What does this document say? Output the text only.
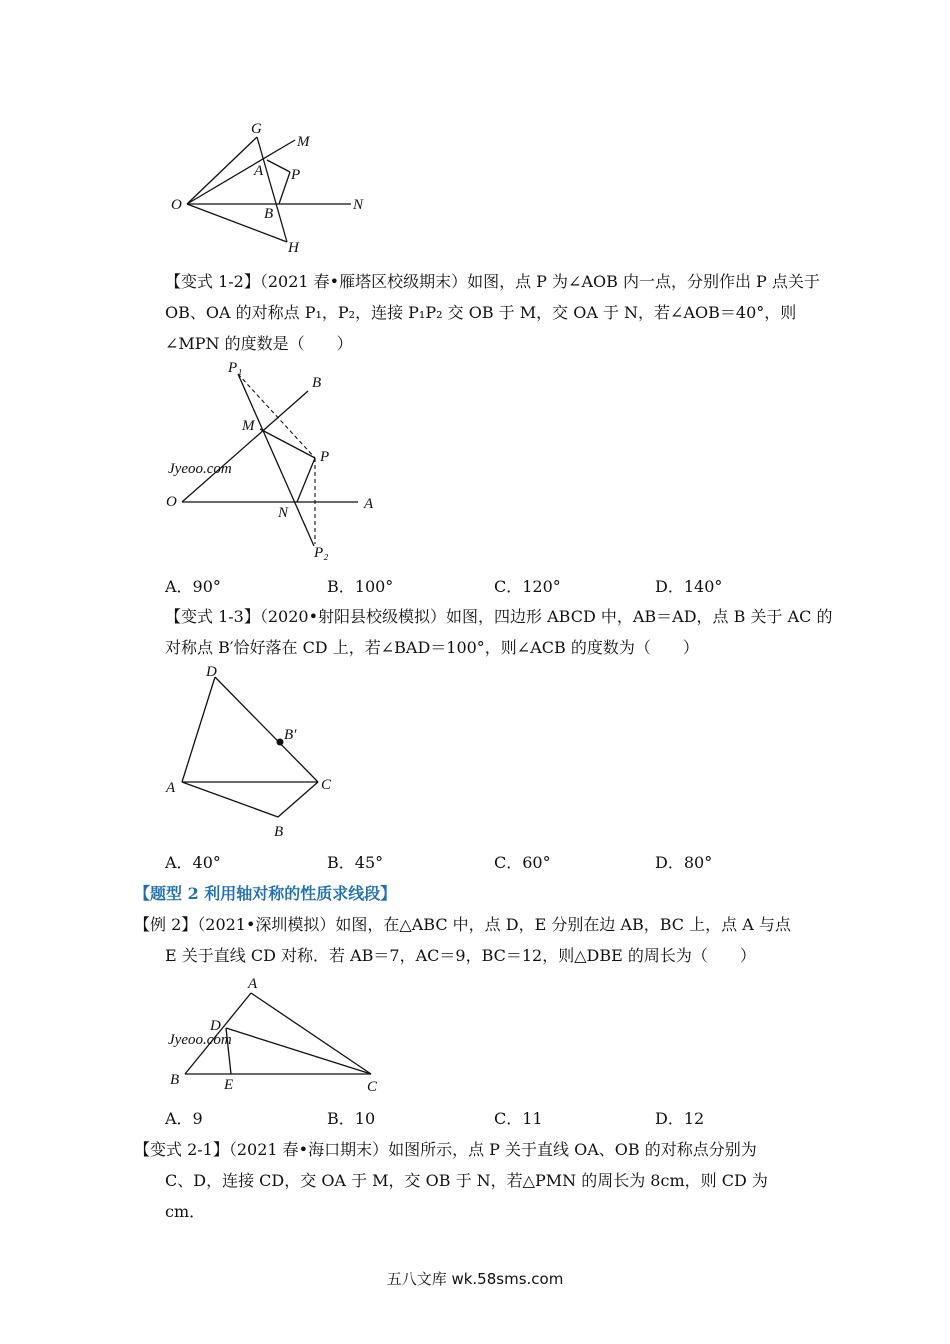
G
M
A P
O
B
N
H
【变式 1-2】（2021 春•雁塔区校级期末）如图，点 P 为∠AOB 内一点，分别作出 P 点关于
OB、OA 的对称点 P₁，P₂，连接 P₁P₂ 交 OB 于 M，交 OA 于 N，若∠AOB＝40°，则
∠MPN 的度数是（　　）
Jyeoo.com
P₁
B
M
P
O
N
A
P₂
A．90°	B．100°	C．120°	D．140°
【变式 1-3】（2020•射阳县校级模拟）如图，四边形 ABCD 中，AB＝AD，点 B 关于 AC 的
对称点 B′恰好落在 CD 上，若∠BAD＝100°，则∠ACB 的度数为（　　）
D
B′
A	C
B
A．40°	B．45°	C．60°	D．80°
【题型 2 利用轴对称的性质求线段】
【例 2】（2021•深圳模拟）如图，在△ABC 中，点 D，E 分别在边 AB，BC 上，点 A 与点
E 关于直线 CD 对称．若 AB＝7，AC＝9，BC＝12，则△DBE 的周长为（　　）
Jyeoo.com
A
D
B	E	C
A．9	B．10	C．11	D．12
【变式 2-1】（2021 春•海口期末）如图所示，点 P 关于直线 OA、OB 的对称点分别为
C、D，连接 CD，交 OA 于 M，交 OB 于 N，若△PMN 的周长为 8cm，则 CD 为
cm．
五八文库 wk.58sms.com
